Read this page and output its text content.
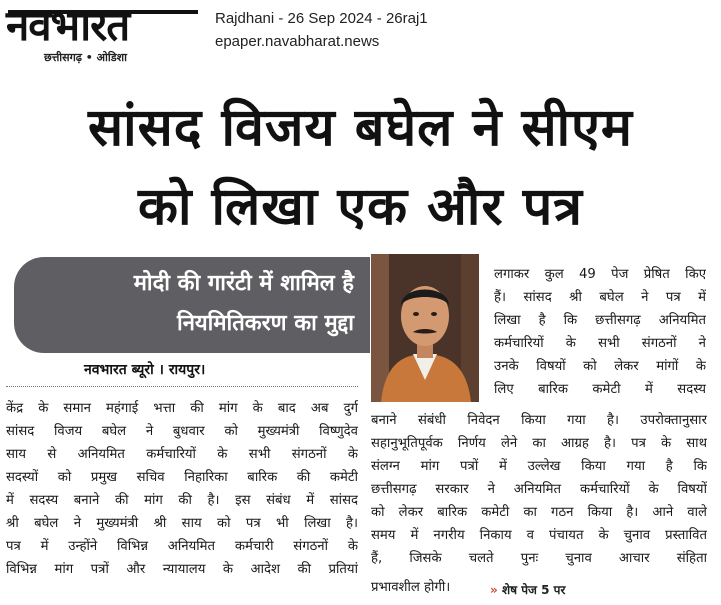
नवभारत
छत्तीसगढ़ • ओडिशा
Rajdhani - 26 Sep 2024 - 26raj1
epaper.navabharat.news
सांसद विजय बघेल ने सीएम
को लिखा एक और पत्र
मोदी की गारंटी में शामिल है
नियमितिकरण का मुद्दा
नवभारत ब्यूरो । रायपुर।
लगाकर कुल 49 पेज प्रेषित किए
हैं। सांसद श्री बघेल ने पत्र में
लिखा है कि छत्तीसगढ़ अनियमित
कर्मचारियों के सभी संगठनों ने
उनके विषयों को लेकर मांगों के
लिए बारिक कमेटी में सदस्य
केंद्र के समान महंगाई भत्ता की मांग के बाद अब दुर्ग
सांसद विजय बघेल ने बुधवार को मुख्यमंत्री विष्णुदेव
साय से अनियमित कर्मचारियों के सभी संगठनों के
सदस्यों को प्रमुख सचिव निहारिका बारिक की कमेटी
में सदस्य बनाने की मांग की है। इस संबंध में सांसद
श्री बघेल ने मुख्यमंत्री श्री साय को पत्र भी लिखा है।
पत्र में उन्होंने विभिन्न अनियमित कर्मचारी संगठनों के
विभिन्न मांग पत्रों और न्यायालय के आदेश की प्रतियां
बनाने संबंधी निवेदन किया गया है। उपरोक्तानुसार
सहानुभूतिपूर्वक निर्णय लेने का आग्रह है। पत्र के साथ
संलग्न मांग पत्रों में उल्लेख किया गया है कि
छत्तीसगढ़ सरकार ने अनियमित कर्मचारियों के विषयों
को लेकर बारिक कमेटी का गठन किया है। आने वाले
समय में नगरीय निकाय व पंचायत के चुनाव प्रस्तावित
हैं, जिसके चलते पुनः चुनाव आचार संहिता
प्रभावशील होगी।	» शेष पेज 5 पर
